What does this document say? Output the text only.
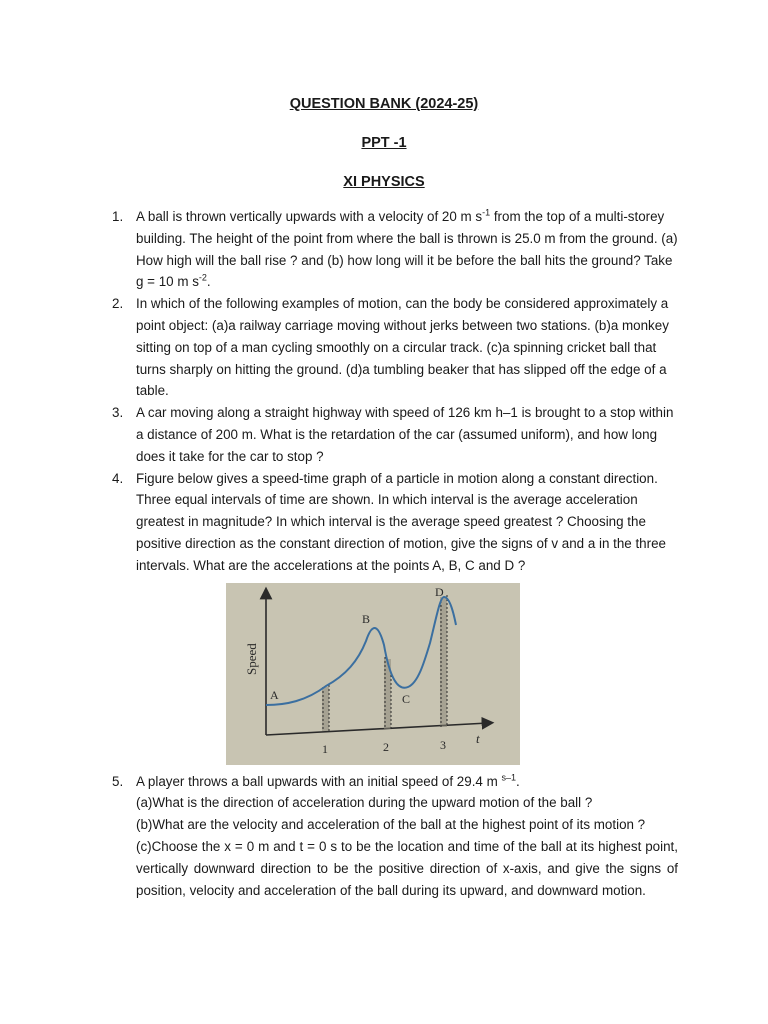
QUESTION BANK (2024-25)
PPT -1
XI PHYSICS
1. A ball is thrown vertically upwards with a velocity of 20 m $s^{-1}$ from the top of a multi-storey building. The height of the point from where the ball is thrown is 25.0 m from the ground. (a) How high will the ball rise ? and (b) how long will it be before the ball hits the ground? Take g = 10 m $s^{-2}$.
2. In which of the following examples of motion, can the body be considered approximately a point object: (a)a railway carriage moving without jerks between two stations. (b)a monkey sitting on top of a man cycling smoothly on a circular track. (c)a spinning cricket ball that turns sharply on hitting the ground. (d)a tumbling beaker that has slipped off the edge of a table.
3. A car moving along a straight highway with speed of 126 km h–1 is brought to a stop within a distance of 200 m. What is the retardation of the car (assumed uniform), and how long does it take for the car to stop ?
4. Figure below gives a speed-time graph of a particle in motion along a constant direction. Three equal intervals of time are shown. In which interval is the average acceleration greatest in magnitude? In which interval is the average speed greatest ? Choosing the positive direction as the constant direction of motion, give the signs of v and a in the three intervals. What are the accelerations at the points A, B, C and D ?
A
B
C
D
1	2	3 t
Speed
5. A player throws a ball upwards with an initial speed of 29.4 m $^{s-1}$.
(a)What is the direction of acceleration during the upward motion of the ball ?
(b)What are the velocity and acceleration of the ball at the highest point of its motion ?
(c)Choose the x = 0 m and t = 0 s to be the location and time of the ball at its highest point, vertically downward direction to be the positive direction of x-axis, and give the signs of position, velocity and acceleration of the ball during its upward, and downward motion.
